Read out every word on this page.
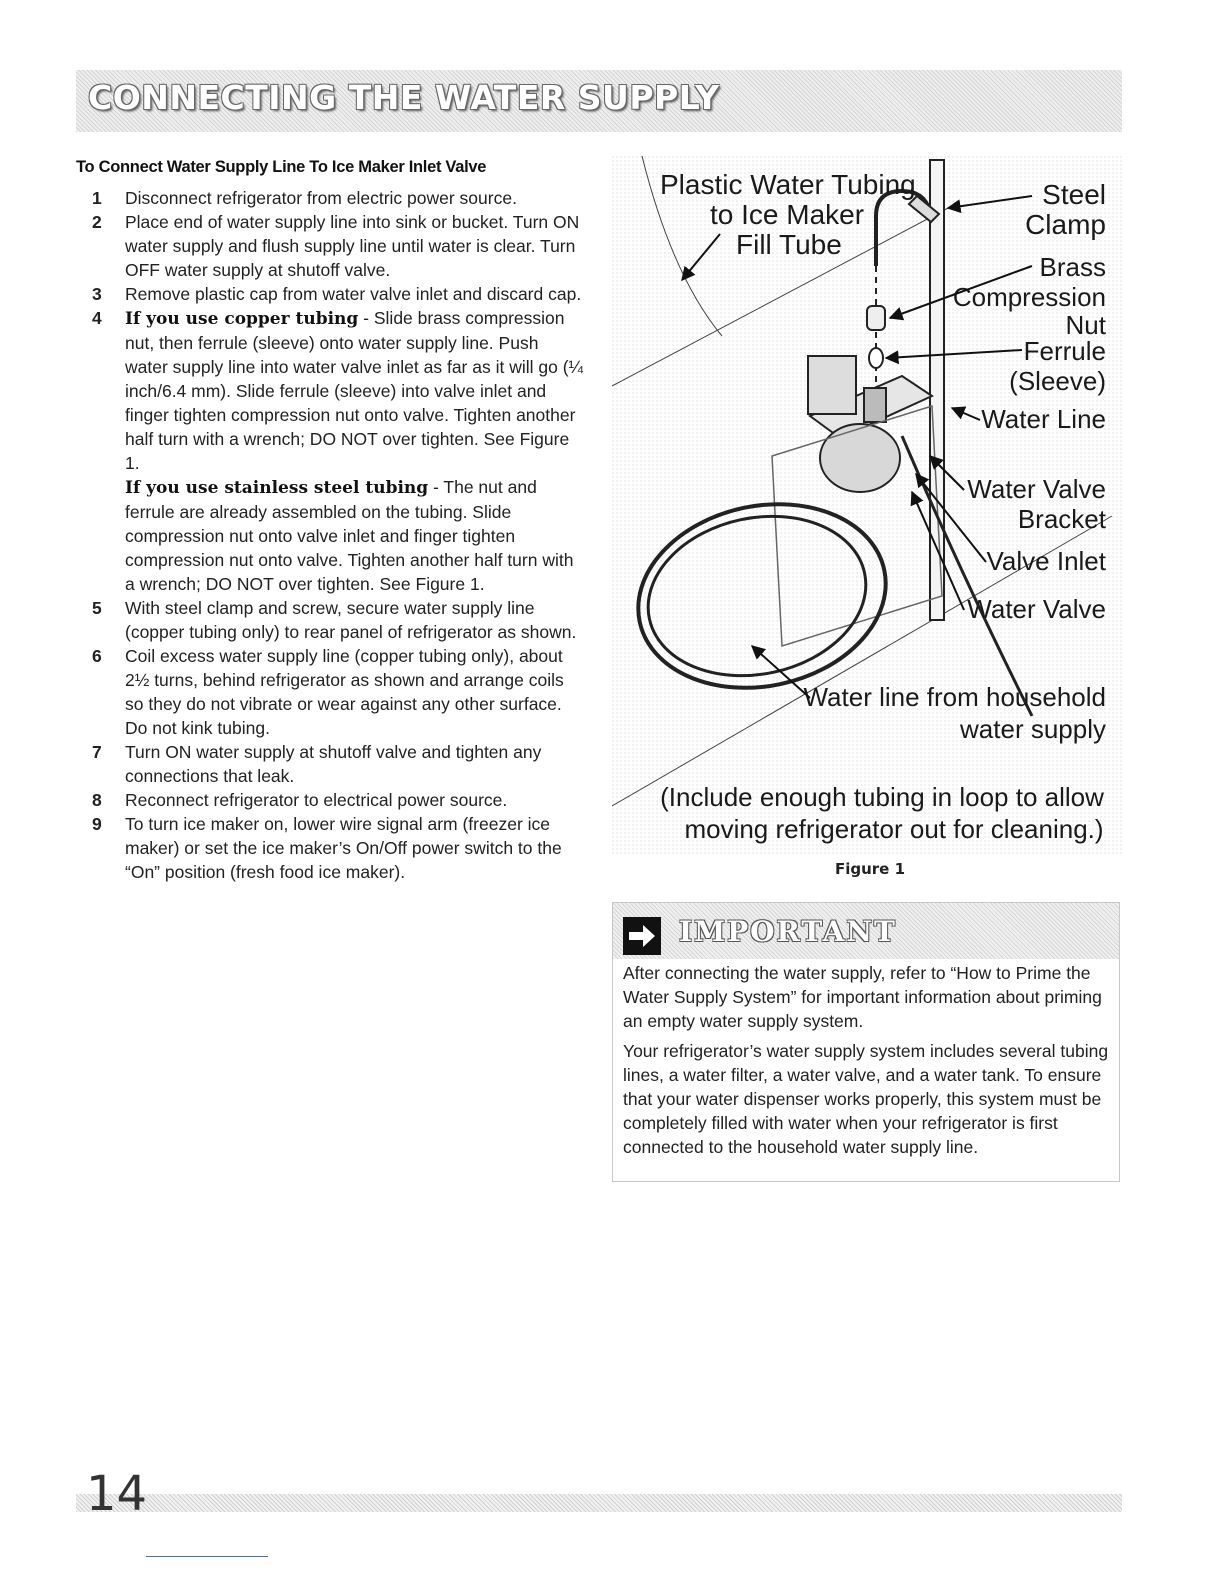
CONNECTING THE WATER SUPPLY
To Connect Water Supply Line To Ice Maker Inlet Valve
1 Disconnect refrigerator from electric power source.
2 Place end of water supply line into sink or bucket. Turn ON water supply and flush supply line until water is clear. Turn OFF water supply at shutoff valve.
3 Remove plastic cap from water valve inlet and discard cap.
4 If you use copper tubing - Slide brass compression nut, then ferrule (sleeve) onto water supply line. Push water supply line into water valve inlet as far as it will go (¼ inch/6.4 mm). Slide ferrule (sleeve) into valve inlet and finger tighten compression nut onto valve. Tighten another half turn with a wrench; DO NOT over tighten. See Figure 1.
If you use stainless steel tubing - The nut and ferrule are already assembled on the tubing. Slide compression nut onto valve inlet and finger tighten compression nut onto valve. Tighten another half turn with a wrench; DO NOT over tighten. See Figure 1.
5 With steel clamp and screw, secure water supply line (copper tubing only) to rear panel of refrigerator as shown.
6 Coil excess water supply line (copper tubing only), about 2½ turns, behind refrigerator as shown and arrange coils so they do not vibrate or wear against any other surface. Do not kink tubing.
7 Turn ON water supply at shutoff valve and tighten any connections that leak.
8 Reconnect refrigerator to electrical power source.
9 To turn ice maker on, lower wire signal arm (freezer ice maker) or set the ice maker’s On/Off power switch to the “On” position (fresh food ice maker).
Plastic Water Tubing
to Ice Maker
Fill Tube
Steel
Clamp
Brass
Compression
Nut
Ferrule
(Sleeve)
Water Line
Water Valve
Bracket
Valve Inlet
Water Valve
Water line from household
water supply
(Include enough tubing in loop to allow
moving refrigerator out for cleaning.)
Figure 1
IMPORTANT

After connecting the water supply, refer to “How to Prime the Water Supply System” for important information about priming an empty water supply system.

Your refrigerator’s water supply system includes several tubing lines, a water filter, a water valve, and a water tank. To ensure that your water dispenser works properly, this system must be completely filled with water when your refrigerator is first connected to the household water supply line.

14
